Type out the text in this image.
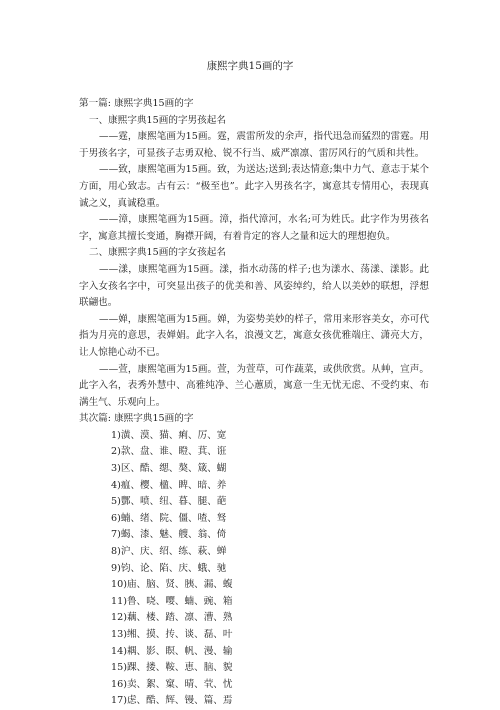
康熙字典15画的字

第一篇: 康熙字典15画的字

一、康熙字典15画的字男孩起名

——霆，康熙笔画为15画。霆，震雷所发的余声，指代迅急而猛烈的雷霆。用于男孩名字，可显孩子志勇双枪、锐不行当、威严凛凛、雷厉风行的气质和共性。

——致，康熙笔画为15画。致，为送达;送到;表达情意;集中力气、意志于某个方面，用心致志。古有云：“极至也”。此字入男孩名字，寓意其专情用心，表现真诚之义，真诚稳重。

——漳，康熙笔画为15画。漳，指代漳河，水名;可为姓氏。此字作为男孩名字，寓意其擅长变通，胸襟开阔，有着肯定的容人之量和远大的理想抱负。

二、康熙字典15画的字女孩起名

——漾，康熙笔画为15画。漾，指水动荡的样子;也为漾水、荡漾、漾影。此字入女孩名字中，可突显出孩子的优美和善、风姿绰约，给人以美妙的联想，浮想联翩也。

——婵，康熙笔画为15画。婵，为姿势美妙的样子，常用来形容美女，亦可代指为月亮的意思，表婵娟。此字入名，浪漫文艺，寓意女孩优雅端庄、潇亮大方，让人惊艳心动不已。

——萱，康熙笔画为15画。萱，为萱草，可作蔬菜，或供欣赏。从艸，宣声。此字入名，表秀外慧中、高雅纯净、兰心蕙质，寓意一生无忧无虑、不受约束、布满生气、乐观向上。

其次篇: 康熙字典15画的字

1)潢、漠、猫、痢、厉、宽
2)款、盘、谁、瞪、萁、诳
3)区、酷、缌、獒、箴、蝴
4)瘟、樱、楹、睥、暗、养
5)酆、喷、纽、暮、腿、葩
6)蝻、绪、院、僵、喳、驽
7)蝎、漆、魅、艘、翁、倚
8)沪、庆、绍、练、萩、蝉
9)钧、论、陷、庆、蛾、驰
10)庙、脑、贤、胰、漏、蝮
11)鲁、哓、嘤、蝻、豌、箱
12)藕、楼、踏、凛、漕、熟
13)缃、摸、抟、谈、磊、叶
14)耦、影、瞑、帆、漫、输
15)踝、搂、鞍、恵、脑、貌
16)卖、絮、窠、晴、茕、忧
17)虑、酷、辉、镘、篇、焉
